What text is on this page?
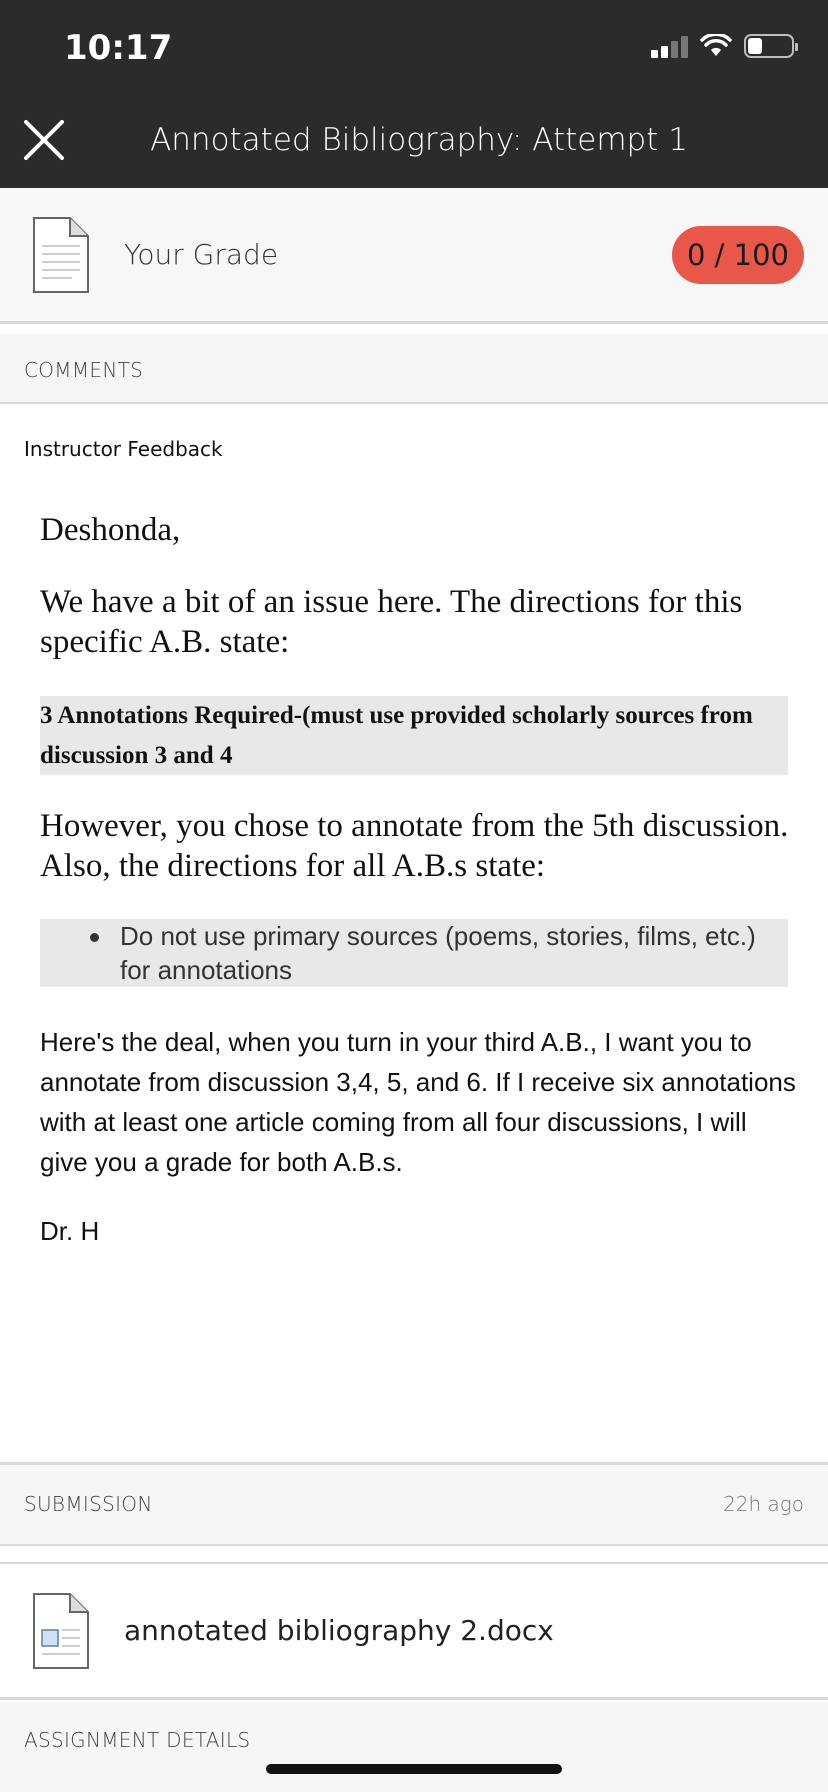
10:17
Annotated Bibliography: Attempt 1
Your Grade	0 / 100
COMMENTS
Instructor Feedback
Deshonda,
We have a bit of an issue here. The directions for this specific A.B. state:
3 Annotations Required-(must use provided scholarly sources from discussion 3 and 4
However, you chose to annotate from the 5th discussion. Also, the directions for all A.B.s state:
Do not use primary sources (poems, stories, films, etc.) for annotations
Here's the deal, when you turn in your third A.B., I want you to annotate from discussion 3,4, 5, and 6. If I receive six annotations with at least one article coming from all four discussions, I will give you a grade for both A.B.s.
Dr. H
SUBMISSION	22h ago
annotated bibliography 2.docx
ASSIGNMENT DETAILS
